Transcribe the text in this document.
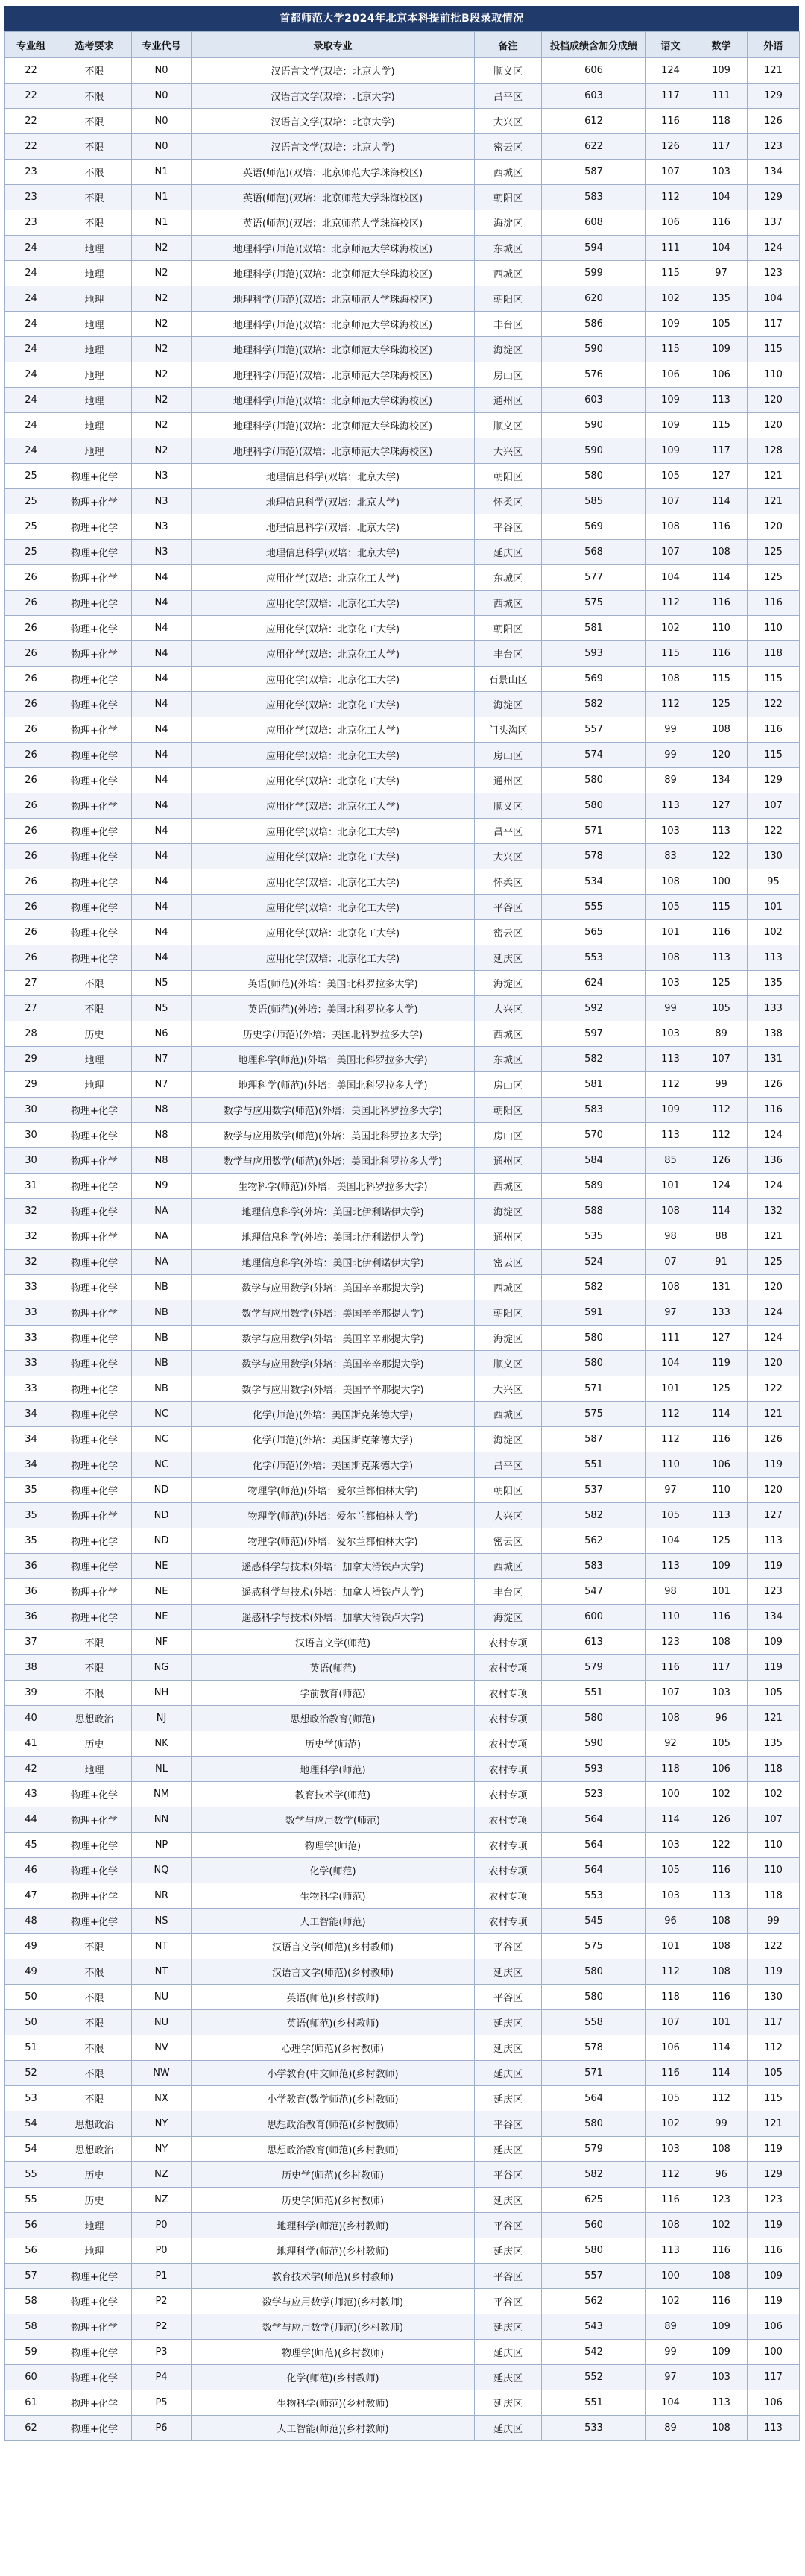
首都师范大学2024年北京本科提前批B段录取情况
专业组	选考要求	专业代号	录取专业	备注	投档成绩含加分成绩	语文	数学	外语
22	不限	N0	汉语言文学(双培：北京大学)	顺义区	606	124	109	121
22	不限	N0	汉语言文学(双培：北京大学)	昌平区	603	117	111	129
22	不限	N0	汉语言文学(双培：北京大学)	大兴区	612	116	118	126
22	不限	N0	汉语言文学(双培：北京大学)	密云区	622	126	117	123
23	不限	N1	英语(师范)(双培：北京师范大学珠海校区)	西城区	587	107	103	134
23	不限	N1	英语(师范)(双培：北京师范大学珠海校区)	朝阳区	583	112	104	129
23	不限	N1	英语(师范)(双培：北京师范大学珠海校区)	海淀区	608	106	116	137
24	地理	N2	地理科学(师范)(双培：北京师范大学珠海校区)	东城区	594	111	104	124
24	地理	N2	地理科学(师范)(双培：北京师范大学珠海校区)	西城区	599	115	97	123
24	地理	N2	地理科学(师范)(双培：北京师范大学珠海校区)	朝阳区	620	102	135	104
24	地理	N2	地理科学(师范)(双培：北京师范大学珠海校区)	丰台区	586	109	105	117
24	地理	N2	地理科学(师范)(双培：北京师范大学珠海校区)	海淀区	590	115	109	115
24	地理	N2	地理科学(师范)(双培：北京师范大学珠海校区)	房山区	576	106	106	110
24	地理	N2	地理科学(师范)(双培：北京师范大学珠海校区)	通州区	603	109	113	120
24	地理	N2	地理科学(师范)(双培：北京师范大学珠海校区)	顺义区	590	109	115	120
24	地理	N2	地理科学(师范)(双培：北京师范大学珠海校区)	大兴区	590	109	117	128
25	物理+化学	N3	地理信息科学(双培：北京大学)	朝阳区	580	105	127	121
25	物理+化学	N3	地理信息科学(双培：北京大学)	怀柔区	585	107	114	121
25	物理+化学	N3	地理信息科学(双培：北京大学)	平谷区	569	108	116	120
25	物理+化学	N3	地理信息科学(双培：北京大学)	延庆区	568	107	108	125
26	物理+化学	N4	应用化学(双培：北京化工大学)	东城区	577	104	114	125
26	物理+化学	N4	应用化学(双培：北京化工大学)	西城区	575	112	116	116
26	物理+化学	N4	应用化学(双培：北京化工大学)	朝阳区	581	102	110	110
26	物理+化学	N4	应用化学(双培：北京化工大学)	丰台区	593	115	116	118
26	物理+化学	N4	应用化学(双培：北京化工大学)	石景山区	569	108	115	115
26	物理+化学	N4	应用化学(双培：北京化工大学)	海淀区	582	112	125	122
26	物理+化学	N4	应用化学(双培：北京化工大学)	门头沟区	557	99	108	116
26	物理+化学	N4	应用化学(双培：北京化工大学)	房山区	574	99	120	115
26	物理+化学	N4	应用化学(双培：北京化工大学)	通州区	580	89	134	129
26	物理+化学	N4	应用化学(双培：北京化工大学)	顺义区	580	113	127	107
26	物理+化学	N4	应用化学(双培：北京化工大学)	昌平区	571	103	113	122
26	物理+化学	N4	应用化学(双培：北京化工大学)	大兴区	578	83	122	130
26	物理+化学	N4	应用化学(双培：北京化工大学)	怀柔区	534	108	100	95
26	物理+化学	N4	应用化学(双培：北京化工大学)	平谷区	555	105	115	101
26	物理+化学	N4	应用化学(双培：北京化工大学)	密云区	565	101	116	102
26	物理+化学	N4	应用化学(双培：北京化工大学)	延庆区	553	108	113	113
27	不限	N5	英语(师范)(外培：美国北科罗拉多大学)	海淀区	624	103	125	135
27	不限	N5	英语(师范)(外培：美国北科罗拉多大学)	大兴区	592	99	105	133
28	历史	N6	历史学(师范)(外培：美国北科罗拉多大学)	西城区	597	103	89	138
29	地理	N7	地理科学(师范)(外培：美国北科罗拉多大学)	东城区	582	113	107	131
29	地理	N7	地理科学(师范)(外培：美国北科罗拉多大学)	房山区	581	112	99	126
30	物理+化学	N8	数学与应用数学(师范)(外培：美国北科罗拉多大学)	朝阳区	583	109	112	116
30	物理+化学	N8	数学与应用数学(师范)(外培：美国北科罗拉多大学)	房山区	570	113	112	124
30	物理+化学	N8	数学与应用数学(师范)(外培：美国北科罗拉多大学)	通州区	584	85	126	136
31	物理+化学	N9	生物科学(师范)(外培：美国北科罗拉多大学)	西城区	589	101	124	124
32	物理+化学	NA	地理信息科学(外培：美国北伊利诺伊大学)	海淀区	588	108	114	132
32	物理+化学	NA	地理信息科学(外培：美国北伊利诺伊大学)	通州区	535	98	88	121
32	物理+化学	NA	地理信息科学(外培：美国北伊利诺伊大学)	密云区	524	07	91	125
33	物理+化学	NB	数学与应用数学(外培：美国辛辛那提大学)	西城区	582	108	131	120
33	物理+化学	NB	数学与应用数学(外培：美国辛辛那提大学)	朝阳区	591	97	133	124
33	物理+化学	NB	数学与应用数学(外培：美国辛辛那提大学)	海淀区	580	111	127	124
33	物理+化学	NB	数学与应用数学(外培：美国辛辛那提大学)	顺义区	580	104	119	120
33	物理+化学	NB	数学与应用数学(外培：美国辛辛那提大学)	大兴区	571	101	125	122
34	物理+化学	NC	化学(师范)(外培：美国斯克莱德大学)	西城区	575	112	114	121
34	物理+化学	NC	化学(师范)(外培：美国斯克莱德大学)	海淀区	587	112	116	126
34	物理+化学	NC	化学(师范)(外培：美国斯克莱德大学)	昌平区	551	110	106	119
35	物理+化学	ND	物理学(师范)(外培：爱尔兰都柏林大学)	朝阳区	537	97	110	120
35	物理+化学	ND	物理学(师范)(外培：爱尔兰都柏林大学)	大兴区	582	105	113	127
35	物理+化学	ND	物理学(师范)(外培：爱尔兰都柏林大学)	密云区	562	104	125	113
36	物理+化学	NE	遥感科学与技术(外培：加拿大滑铁卢大学)	西城区	583	113	109	119
36	物理+化学	NE	遥感科学与技术(外培：加拿大滑铁卢大学)	丰台区	547	98	101	123
36	物理+化学	NE	遥感科学与技术(外培：加拿大滑铁卢大学)	海淀区	600	110	116	134
37	不限	NF	汉语言文学(师范)	农村专项	613	123	108	109
38	不限	NG	英语(师范)	农村专项	579	116	117	119
39	不限	NH	学前教育(师范)	农村专项	551	107	103	105
40	思想政治	NJ	思想政治教育(师范)	农村专项	580	108	96	121
41	历史	NK	历史学(师范)	农村专项	590	92	105	135
42	地理	NL	地理科学(师范)	农村专项	593	118	106	118
43	物理+化学	NM	教育技术学(师范)	农村专项	523	100	102	102
44	物理+化学	NN	数学与应用数学(师范)	农村专项	564	114	126	107
45	物理+化学	NP	物理学(师范)	农村专项	564	103	122	110
46	物理+化学	NQ	化学(师范)	农村专项	564	105	116	110
47	物理+化学	NR	生物科学(师范)	农村专项	553	103	113	118
48	物理+化学	NS	人工智能(师范)	农村专项	545	96	108	99
49	不限	NT	汉语言文学(师范)(乡村教师)	平谷区	575	101	108	122
49	不限	NT	汉语言文学(师范)(乡村教师)	延庆区	580	112	108	119
50	不限	NU	英语(师范)(乡村教师)	平谷区	580	118	116	130
50	不限	NU	英语(师范)(乡村教师)	延庆区	558	107	101	117
51	不限	NV	心理学(师范)(乡村教师)	延庆区	578	106	114	112
52	不限	NW	小学教育(中文师范)(乡村教师)	延庆区	571	116	114	105
53	不限	NX	小学教育(数学师范)(乡村教师)	延庆区	564	105	112	115
54	思想政治	NY	思想政治教育(师范)(乡村教师)	平谷区	580	102	99	121
54	思想政治	NY	思想政治教育(师范)(乡村教师)	延庆区	579	103	108	119
55	历史	NZ	历史学(师范)(乡村教师)	平谷区	582	112	96	129
55	历史	NZ	历史学(师范)(乡村教师)	延庆区	625	116	123	123
56	地理	P0	地理科学(师范)(乡村教师)	平谷区	560	108	102	119
56	地理	P0	地理科学(师范)(乡村教师)	延庆区	580	113	116	116
57	物理+化学	P1	教育技术学(师范)(乡村教师)	平谷区	557	100	108	109
58	物理+化学	P2	数学与应用数学(师范)(乡村教师)	平谷区	562	102	116	119
58	物理+化学	P2	数学与应用数学(师范)(乡村教师)	延庆区	543	89	109	106
59	物理+化学	P3	物理学(师范)(乡村教师)	延庆区	542	99	109	100
60	物理+化学	P4	化学(师范)(乡村教师)	延庆区	552	97	103	117
61	物理+化学	P5	生物科学(师范)(乡村教师)	延庆区	551	104	113	106
62	物理+化学	P6	人工智能(师范)(乡村教师)	延庆区	533	89	108	113
